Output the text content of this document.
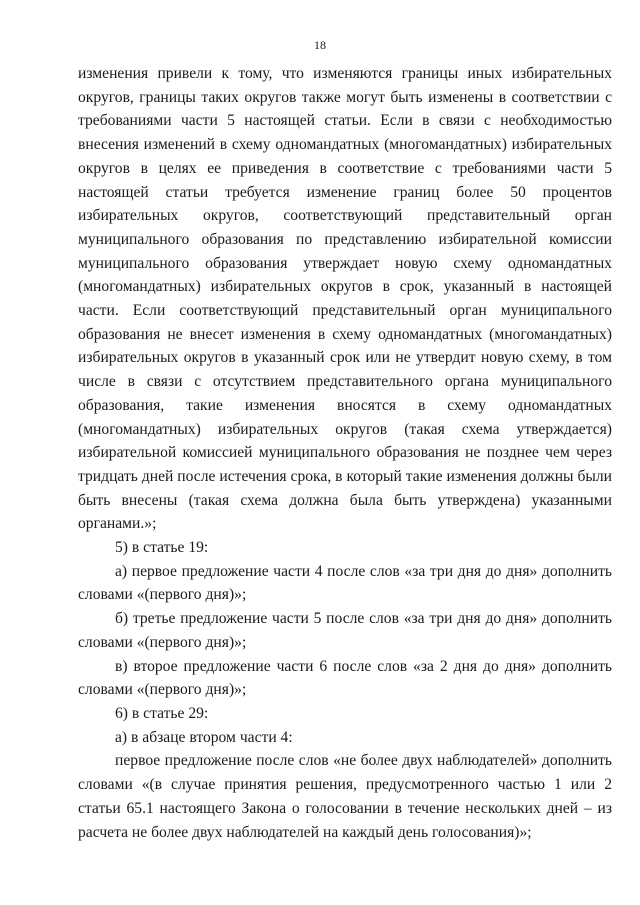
18

изменения привели к тому, что изменяются границы иных избирательных округов, границы таких округов также могут быть изменены в соответствии с требованиями части 5 настоящей статьи. Если в связи с необходимостью внесения изменений в схему одномандатных (многомандатных) избирательных округов в целях ее приведения в соответствие с требованиями части 5 настоящей статьи требуется изменение границ более 50 процентов избирательных округов, соответствующий представительный орган муниципального образования по представлению избирательной комиссии муниципального образования утверждает новую схему одномандатных (многомандатных) избирательных округов в срок, указанный в настоящей части. Если соответствующий представительный орган муниципального образования не внесет изменения в схему одномандатных (многомандатных) избирательных округов в указанный срок или не утвердит новую схему, в том числе в связи с отсутствием представительного органа муниципального образования, такие изменения вносятся в схему одномандатных (многомандатных) избирательных округов (такая схема утверждается) избирательной комиссией муниципального образования не позднее чем через тридцать дней после истечения срока, в который такие изменения должны были быть внесены (такая схема должна была быть утверждена) указанными органами.»;

5) в статье 19:

а) первое предложение части 4 после слов «за три дня до дня» дополнить словами «(первого дня)»;

б) третье предложение части 5 после слов «за три дня до дня» дополнить словами «(первого дня)»;

в) второе предложение части 6 после слов «за 2 дня до дня» дополнить словами «(первого дня)»;

6) в статье 29:

а) в абзаце втором части 4:

первое предложение после слов «не более двух наблюдателей» дополнить словами «(в случае принятия решения, предусмотренного частью 1 или 2 статьи 65.1 настоящего Закона о голосовании в течение нескольких дней – из расчета не более двух наблюдателей на каждый день голосования)»;
